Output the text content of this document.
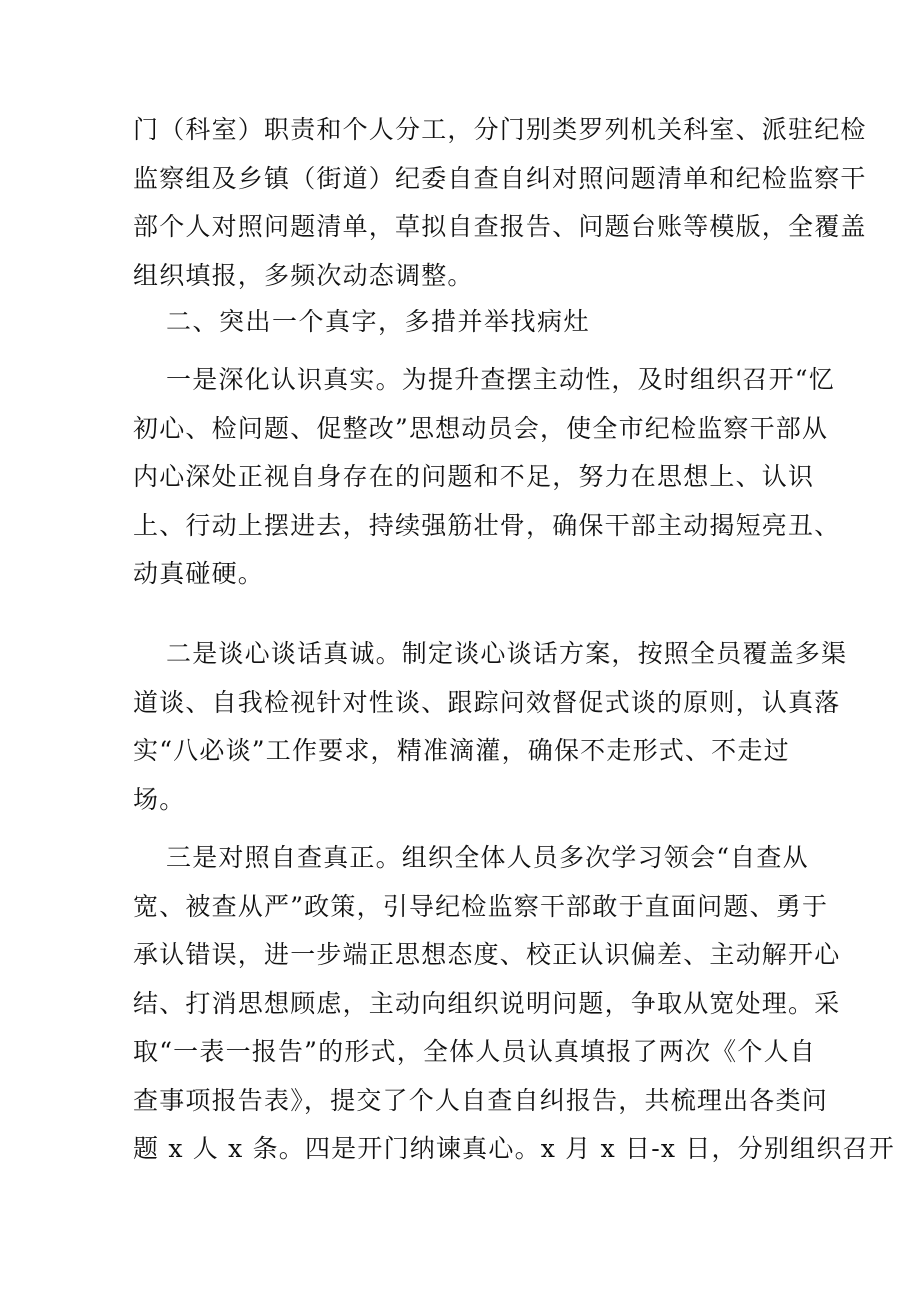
门（科室）职责和个人分工，分门别类罗列机关科室、派驻纪检
监察组及乡镇（街道）纪委自查自纠对照问题清单和纪检监察干
部个人对照问题清单，草拟自查报告、问题台账等模版，全覆盖
组织填报，多频次动态调整。
二、突出一个真字，多措并举找病灶
一是深化认识真实。为提升查摆主动性，及时组织召开“忆
初心、检问题、促整改”思想动员会，使全市纪检监察干部从
内心深处正视自身存在的问题和不足，努力在思想上、认识
上、行动上摆进去，持续强筋壮骨，确保干部主动揭短亮丑、
动真碰硬。
二是谈心谈话真诚。制定谈心谈话方案，按照全员覆盖多渠
道谈、自我检视针对性谈、跟踪问效督促式谈的原则，认真落
实“八必谈”工作要求，精准滴灌，确保不走形式、不走过
场。
三是对照自查真正。组织全体人员多次学习领会“自查从
宽、被查从严”政策，引导纪检监察干部敢于直面问题、勇于
承认错误，进一步端正思想态度、校正认识偏差、主动解开心
结、打消思想顾虑，主动向组织说明问题，争取从宽处理。采
取“一表一报告”的形式，全体人员认真填报了两次《个人自
查事项报告表》，提交了个人自查自纠报告，共梳理出各类问
题 x 人 x 条。四是开门纳谏真心。x 月 x 日-x 日，分别组织召开
